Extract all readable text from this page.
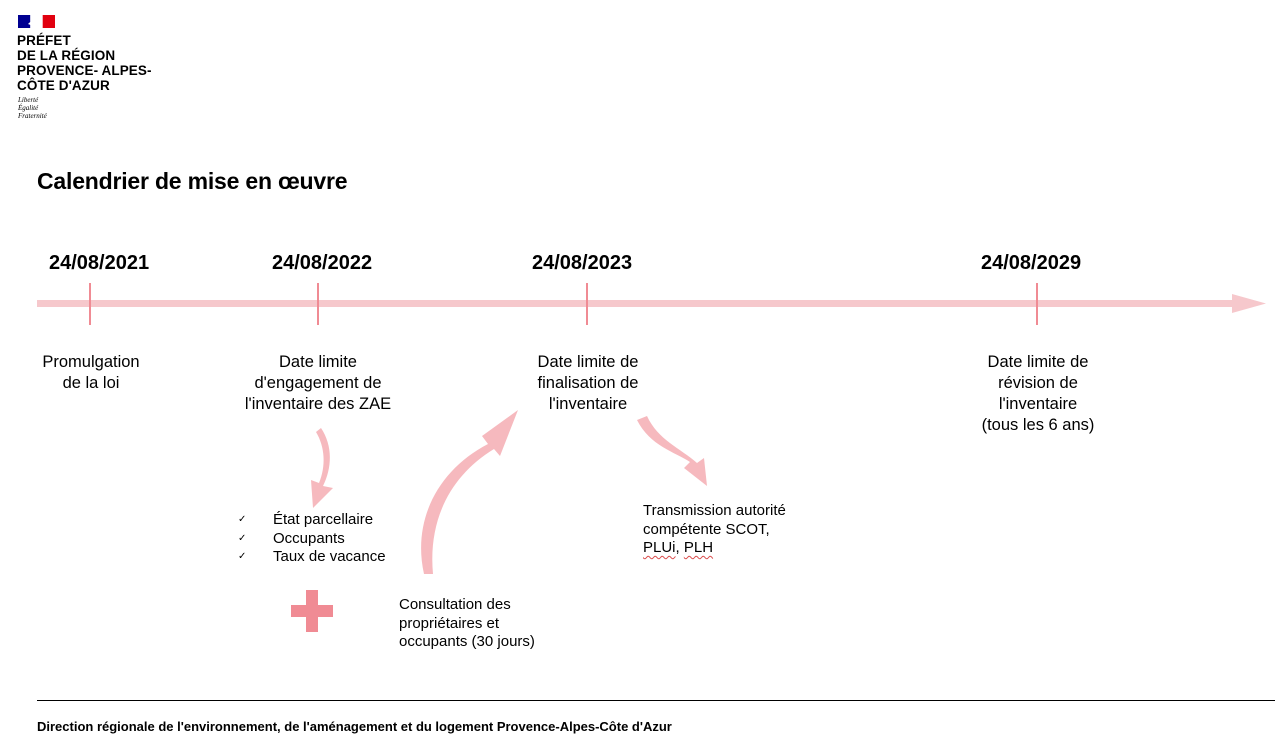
PRÉFET
DE LA RÉGION
PROVENCE- ALPES-
CÔTE D'AZUR
Liberté
Égalité
Fraternité
Calendrier de mise en œuvre
24/08/2021	24/08/2022	24/08/2023	24/08/2029
Promulgation
de la loi
Date limite
d'engagement de
l'inventaire des ZAE
Date limite de
finalisation de
l'inventaire
Date limite de
révision de
l'inventaire
(tous les 6 ans)
✓ État parcellaire
✓ Occupants
✓ Taux de vacance
Consultation des
propriétaires et
occupants (30 jours)
Transmission autorité
compétente SCOT,
PLUi, PLH
Direction régionale de l'environnement, de l'aménagement et du logement Provence-Alpes-Côte d'Azur
